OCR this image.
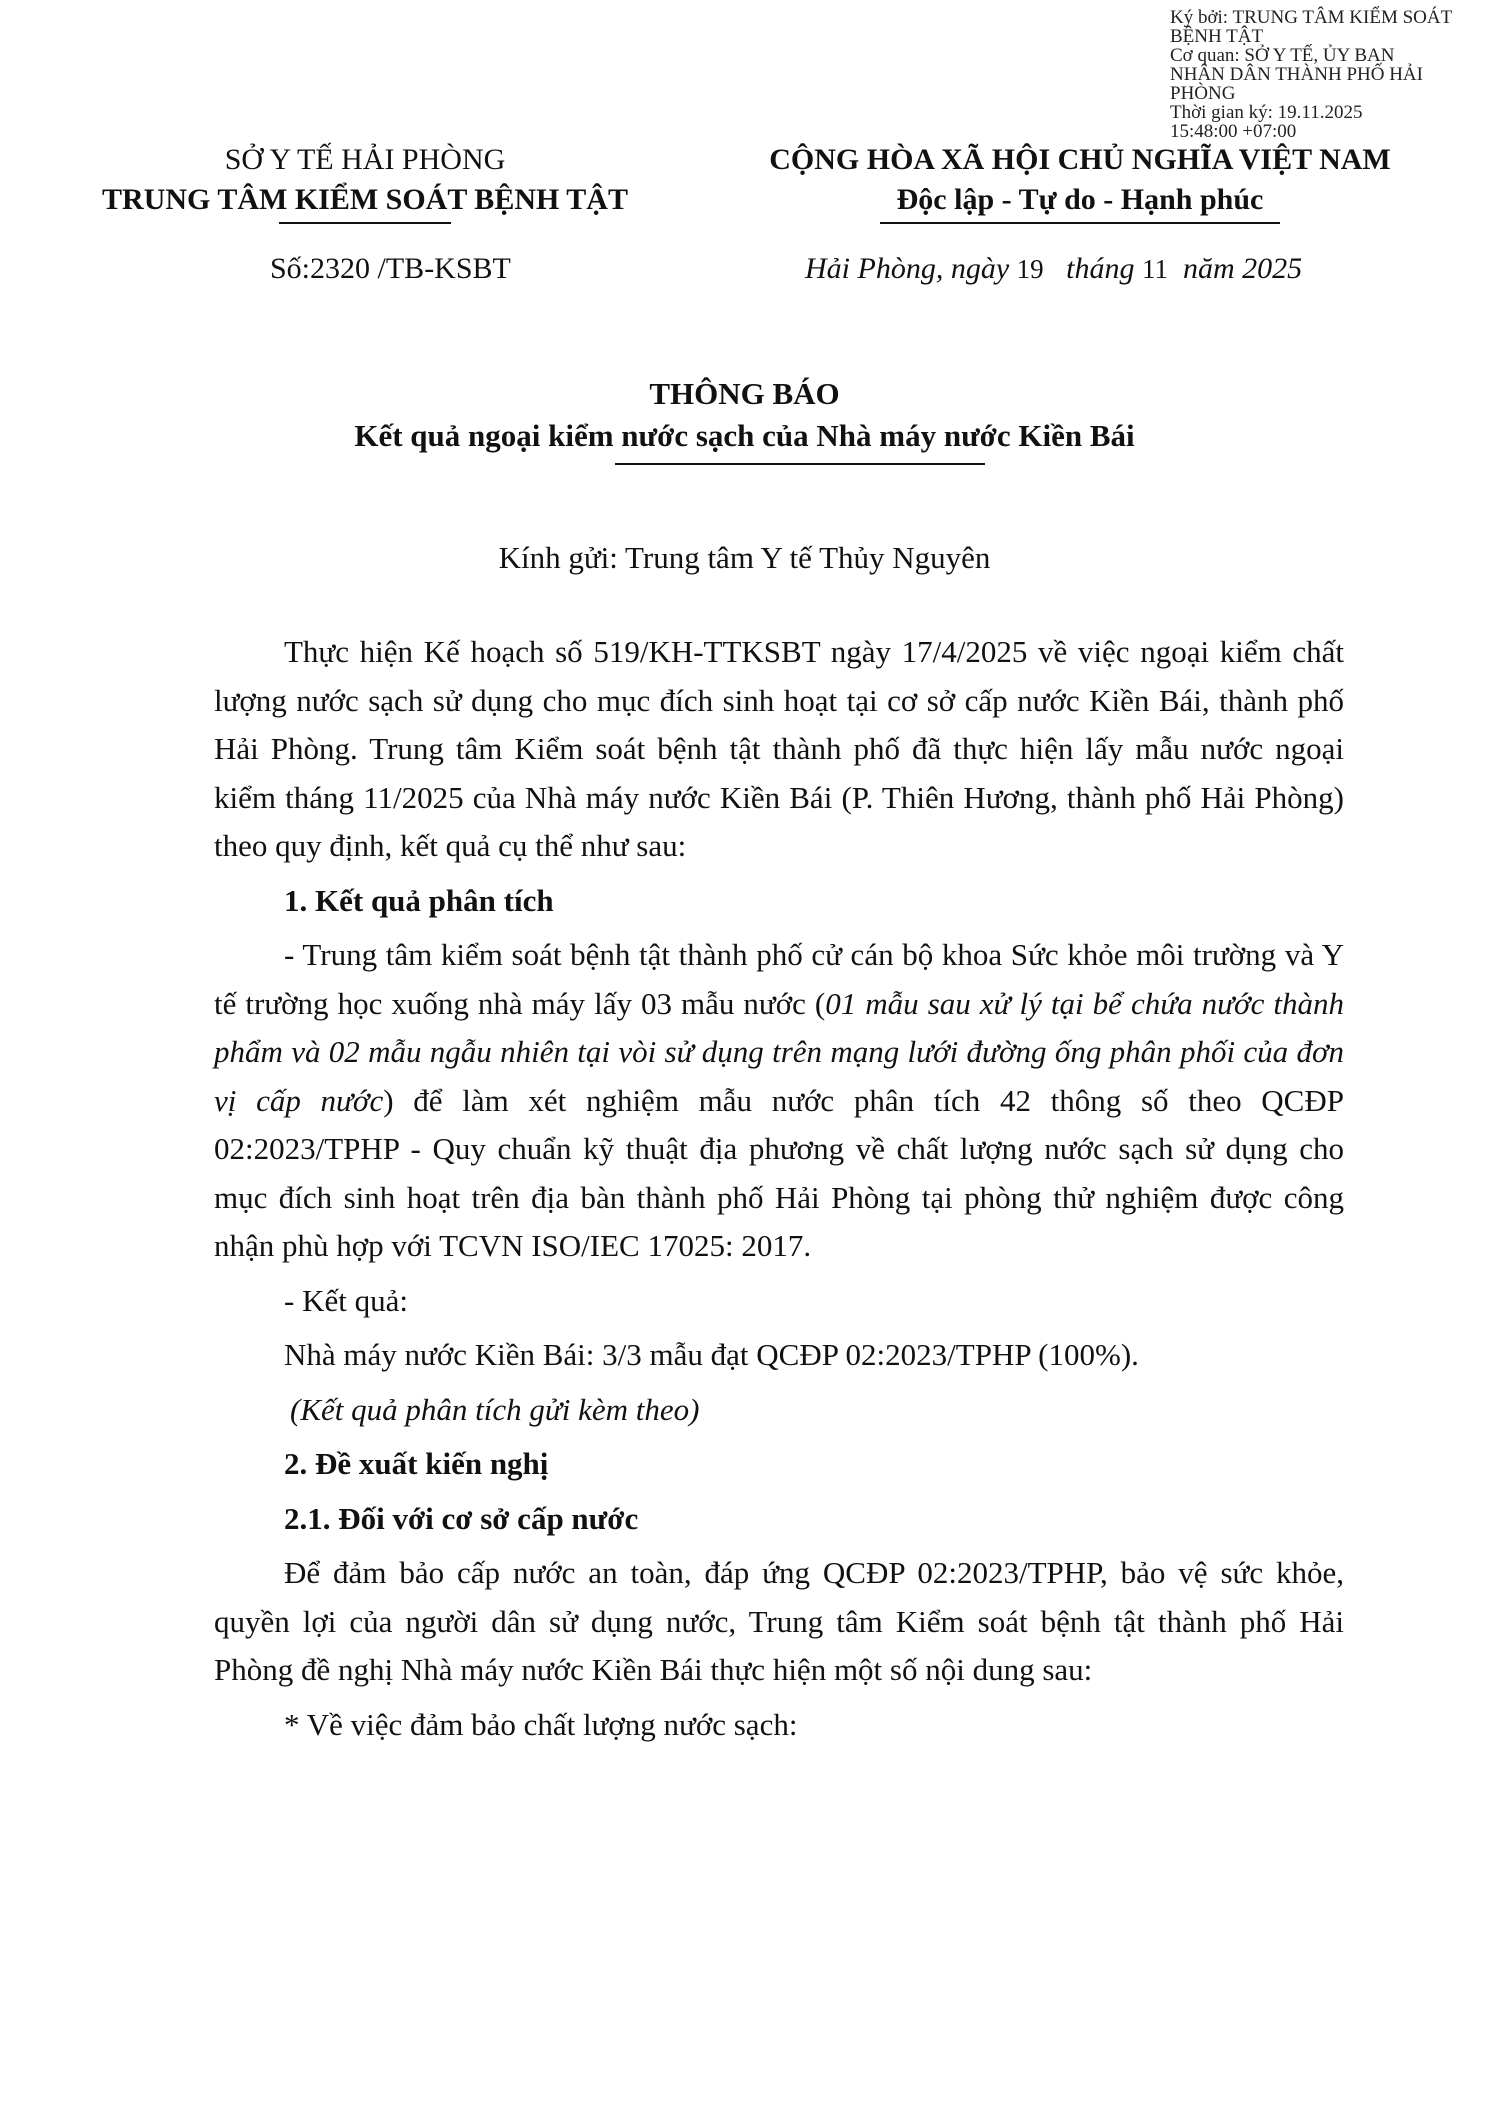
Ký bởi: TRUNG TÂM KIỂM SOÁT BỆNH TẬT
Cơ quan: SỞ Y TẾ, ỦY BAN
NHÂN DÂN THÀNH PHỐ HẢI
PHÒNG
Thời gian ký: 19.11.2025
15:48:00 +07:00
SỞ Y TẾ HẢI PHÒNG
TRUNG TÂM KIỂM SOÁT BỆNH TẬT
CỘNG HÒA XÃ HỘI CHỦ NGHĨA VIỆT NAM
Độc lập - Tự do - Hạnh phúc
Số:2320 /TB-KSBT	Hải Phòng, ngày 19 tháng 11 năm 2025
THÔNG BÁO
Kết quả ngoại kiểm nước sạch của Nhà máy nước Kiền Bái
Kính gửi: Trung tâm Y tế Thủy Nguyên

Thực hiện Kế hoạch số 519/KH-TTKSBT ngày 17/4/2025 về việc ngoại kiểm chất lượng nước sạch sử dụng cho mục đích sinh hoạt tại cơ sở cấp nước Kiền Bái, thành phố Hải Phòng. Trung tâm Kiểm soát bệnh tật thành phố đã thực hiện lấy mẫu nước ngoại kiểm tháng 11/2025 của Nhà máy nước Kiền Bái (P. Thiên Hương, thành phố Hải Phòng) theo quy định, kết quả cụ thể như sau:

1. Kết quả phân tích

- Trung tâm kiểm soát bệnh tật thành phố cử cán bộ khoa Sức khỏe môi trường và Y tế trường học xuống nhà máy lấy 03 mẫu nước (01 mẫu sau xử lý tại bể chứa nước thành phẩm và 02 mẫu ngẫu nhiên tại vòi sử dụng trên mạng lưới đường ống phân phối của đơn vị cấp nước) để làm xét nghiệm mẫu nước phân tích 42 thông số theo QCĐP 02:2023/TPHP - Quy chuẩn kỹ thuật địa phương về chất lượng nước sạch sử dụng cho mục đích sinh hoạt trên địa bàn thành phố Hải Phòng tại phòng thử nghiệm được công nhận phù hợp với TCVN ISO/IEC 17025: 2017.

- Kết quả:

Nhà máy nước Kiền Bái: 3/3 mẫu đạt QCĐP 02:2023/TPHP (100%).

(Kết quả phân tích gửi kèm theo)

2. Đề xuất kiến nghị

2.1. Đối với cơ sở cấp nước

Để đảm bảo cấp nước an toàn, đáp ứng QCĐP 02:2023/TPHP, bảo vệ sức khỏe, quyền lợi của người dân sử dụng nước, Trung tâm Kiểm soát bệnh tật thành phố Hải Phòng đề nghị Nhà máy nước Kiền Bái thực hiện một số nội dung sau:

* Về việc đảm bảo chất lượng nước sạch:
